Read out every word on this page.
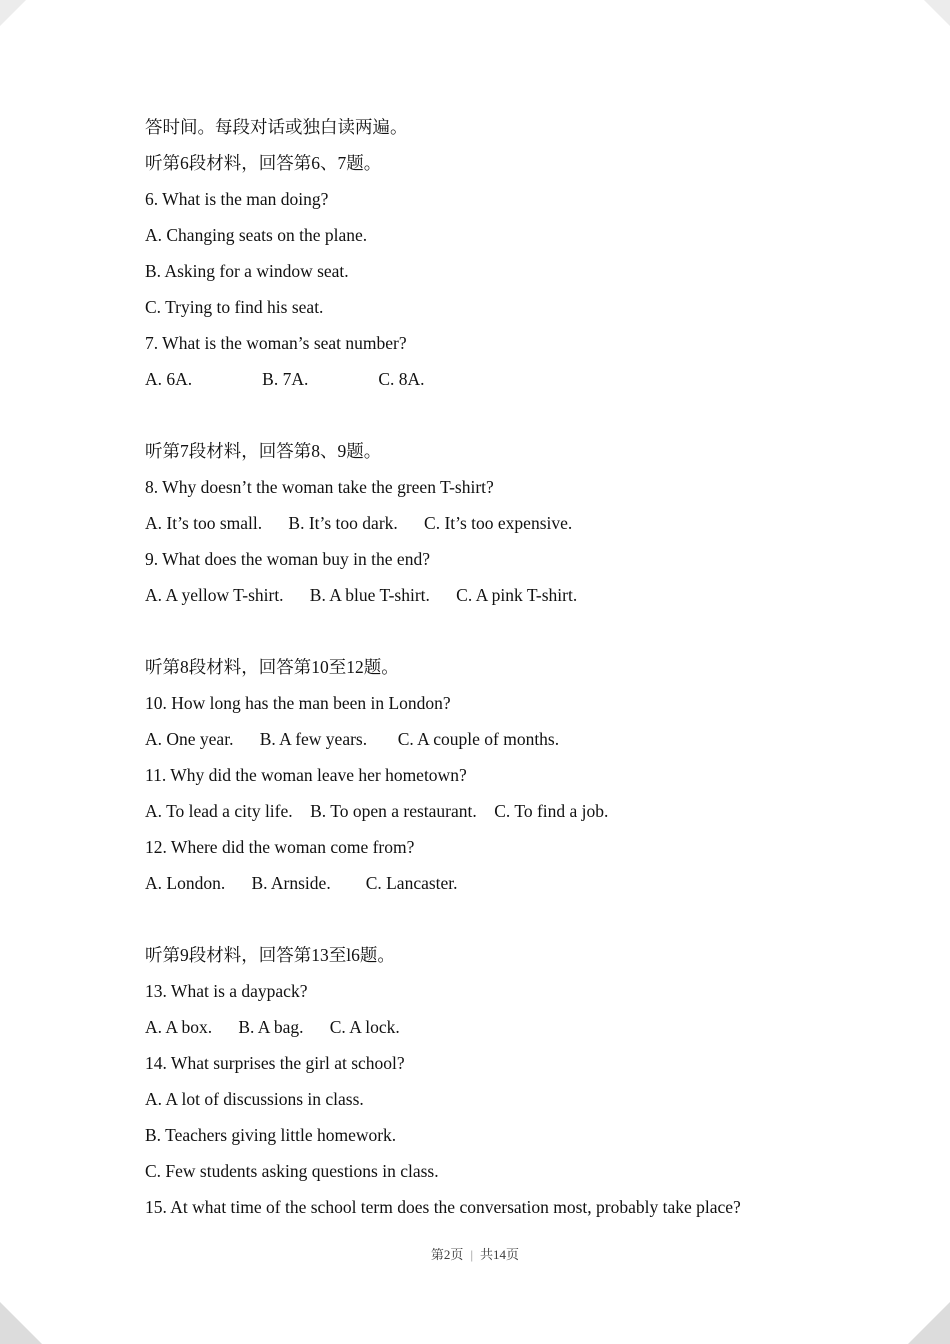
答时间。每段对话或独白读两遍。
听第6段材料，回答第6、7题。
6. What is the man doing?
A. Changing seats on the plane.
B. Asking for a window seat.
C. Trying to find his seat.
7. What is the woman’s seat number?
A. 6A.                B. 7A.                C. 8A.
听第7段材料，回答第8、9题。
8. Why doesn’t the woman take the green T-shirt?
A. It’s too small.      B. It’s too dark.      C. It’s too expensive.
9. What does the woman buy in the end?
A. A yellow T-shirt.      B. A blue T-shirt.      C. A pink T-shirt.
听第8段材料，回答第10至12题。
10. How long has the man been in London?
A. One year.      B. A few years.       C. A couple of months.
11. Why did the woman leave her hometown?
A. To lead a city life.    B. To open a restaurant.    C. To find a job.
12. Where did the woman come from?
A. London.      B. Arnside.        C. Lancaster.
听第9段材料，回答第13至l6题。
13. What is a daypack?
A. A box.      B. A bag.      C. A lock.
14. What surprises the girl at school?
A. A lot of discussions in class.
B. Teachers giving little homework.
C. Few students asking questions in class.
15. At what time of the school term does the conversation most, probably take place?
第2页 | 共14页
